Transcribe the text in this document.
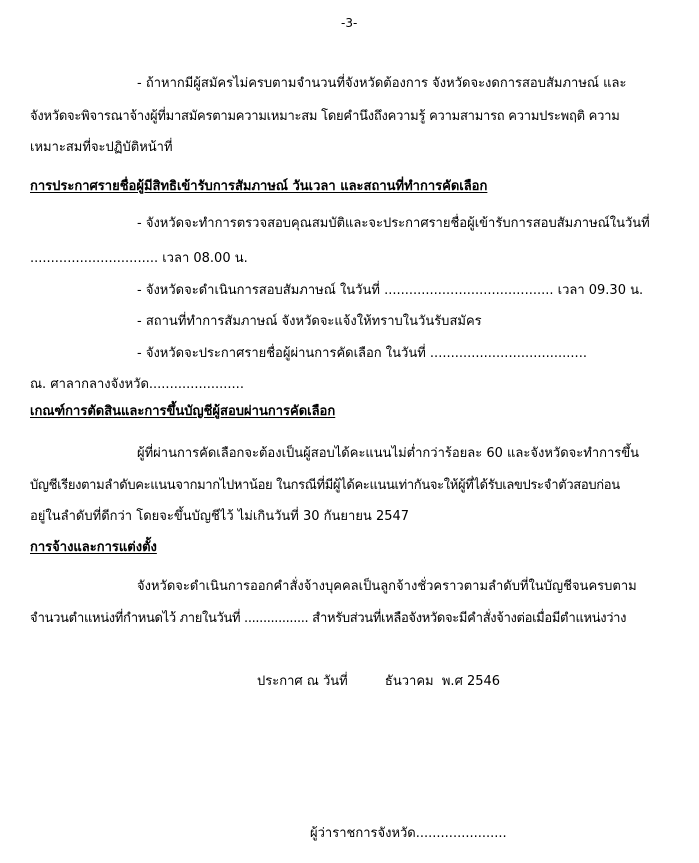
-3-
- ถ้าหากมีผู้สมัครไม่ครบตามจำนวนที่จังหวัดต้องการ จังหวัดจะงดการสอบสัมภาษณ์ และ
จังหวัดจะพิจารณาจ้างผู้ที่มาสมัครตามความเหมาะสม โดยคำนึงถึงความรู้ ความสามารถ ความประพฤติ ความ
เหมาะสมที่จะปฏิบัติหน้าที่
การประกาศรายชื่อผู้มีสิทธิเข้ารับการสัมภาษณ์ วันเวลา และสถานที่ทำการคัดเลือก
- จังหวัดจะทำการตรวจสอบคุณสมบัติและจะประกาศรายชื่อผู้เข้ารับการสอบสัมภาษณ์ในวันที่
............................... เวลา 08.00 น.
- จังหวัดจะดำเนินการสอบสัมภาษณ์ ในวันที่ ......................................... เวลา 09.30 น.
- สถานที่ทำการสัมภาษณ์ จังหวัดจะแจ้งให้ทราบในวันรับสมัคร
- จังหวัดจะประกาศรายชื่อผู้ผ่านการคัดเลือก ในวันที่ ......................................
ณ. ศาลากลางจังหวัด.......................
เกณฑ์การตัดสินและการขึ้นบัญชีผู้สอบผ่านการคัดเลือก
ผู้ที่ผ่านการคัดเลือกจะต้องเป็นผู้สอบได้คะแนนไม่ต่ำกว่าร้อยละ 60 และจังหวัดจะทำการขึ้น
บัญชีเรียงตามลำดับคะแนนจากมากไปหาน้อย ในกรณีที่มีผู้ได้คะแนนเท่ากันจะให้ผู้ที่ได้รับเลขประจำตัวสอบก่อน
อยู่ในลำดับที่ดีกว่า โดยจะขึ้นบัญชีไว้ ไม่เกินวันที่ 30 กันยายน 2547
การจ้างและการแต่งตั้ง
จังหวัดจะดำเนินการออกคำสั่งจ้างบุคคลเป็นลูกจ้างชั่วคราวตามลำดับที่ในบัญชีจนครบตาม
จำนวนตำแหน่งที่กำหนดไว้ ภายในวันที่ ................. สำหรับส่วนที่เหลือจังหวัดจะมีคำสั่งจ้างต่อเมื่อมีตำแหน่งว่าง
ประกาศ ณ วันที่         ธันวาคม  พ.ศ 2546
ผู้ว่าราชการจังหวัด......................
